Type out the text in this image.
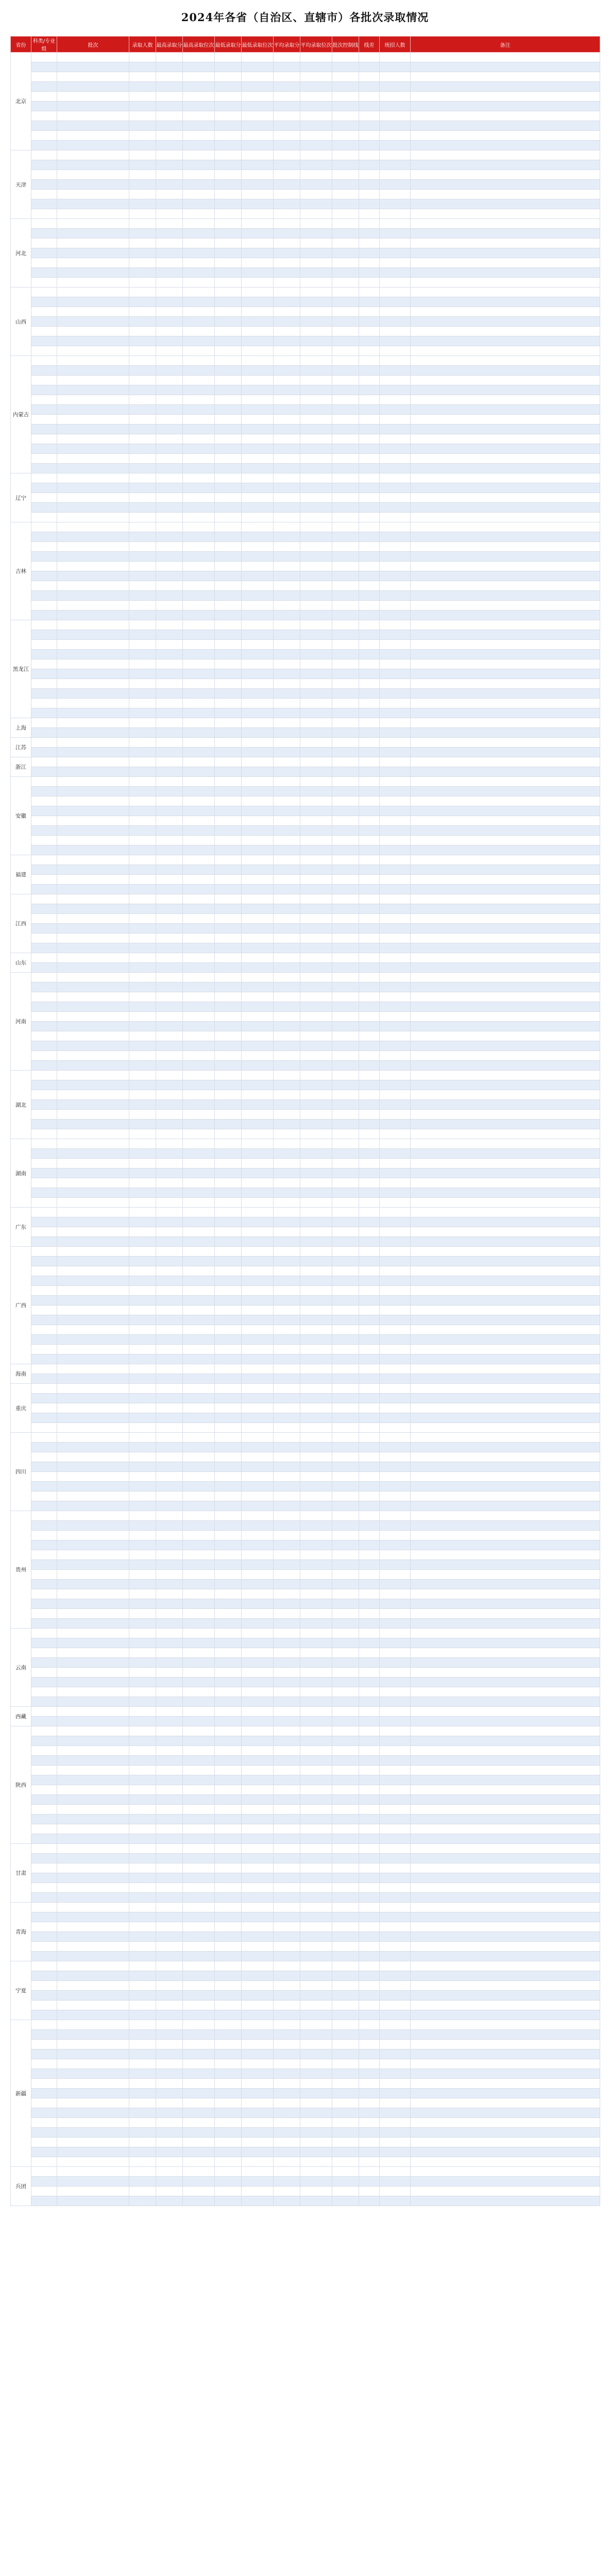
2024年各省（自治区、直辖市）各批次录取情况
省份	科类/专业组	批次	录取人数	最高录取分	最高录取位次	最低录取分	最低录取位次	平均录取分	平均录取位次	批次控制线	线差	统招人数	备注
北京													

天津													

河北													

山西													

内蒙古													

辽宁													

吉林													

黑龙江													

上海													

江苏													

浙江													

安徽													

福建													

江西													

山东													

河南													

湖北													

湖南													

广东													

广西													

海南													

重庆													

四川													

贵州													

云南													

西藏													

陕西													

甘肃													

青海													

宁夏													

新疆													

兵团													
